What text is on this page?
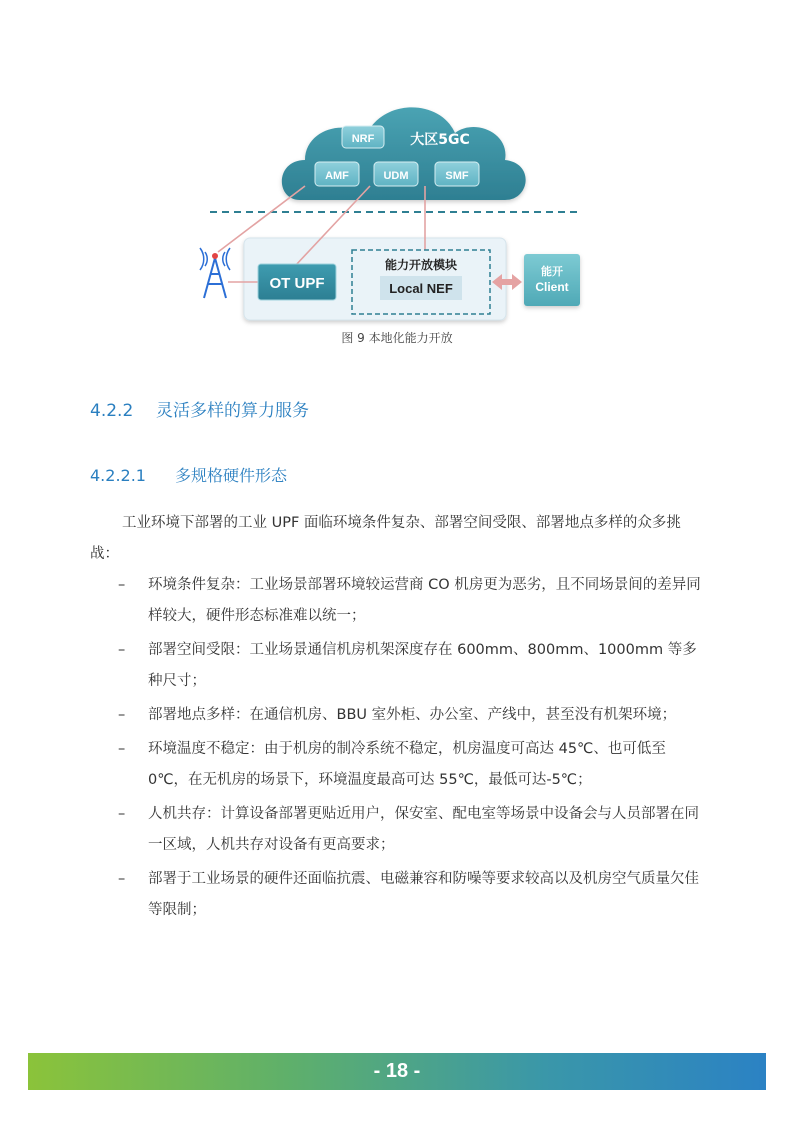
NRF	大区5GC
AMF	UDM	SMF
OT UPF
能力开放模块
Local NEF
能开
Client
图 9 本地化能力开放
4.2.2 灵活多样的算力服务
4.2.2.1 多规格硬件形态
工业环境下部署的工业 UPF 面临环境条件复杂、部署空间受限、部署地点多样的众多挑战：
– 环境条件复杂：工业场景部署环境较运营商 CO 机房更为恶劣，且不同场景间的差异同样较大，硬件形态标准难以统一；
– 部署空间受限：工业场景通信机房机架深度存在 600mm、800mm、1000mm 等多种尺寸；
– 部署地点多样：在通信机房、BBU 室外柜、办公室、产线中，甚至没有机架环境；
– 环境温度不稳定：由于机房的制冷系统不稳定，机房温度可高达 45℃、也可低至 0℃，在无机房的场景下，环境温度最高可达 55℃，最低可达-5℃；
– 人机共存：计算设备部署更贴近用户，保安室、配电室等场景中设备会与人员部署在同一区域，人机共存对设备有更高要求；
– 部署于工业场景的硬件还面临抗震、电磁兼容和防噪等要求较高以及机房空气质量欠佳等限制；
- 18 -
